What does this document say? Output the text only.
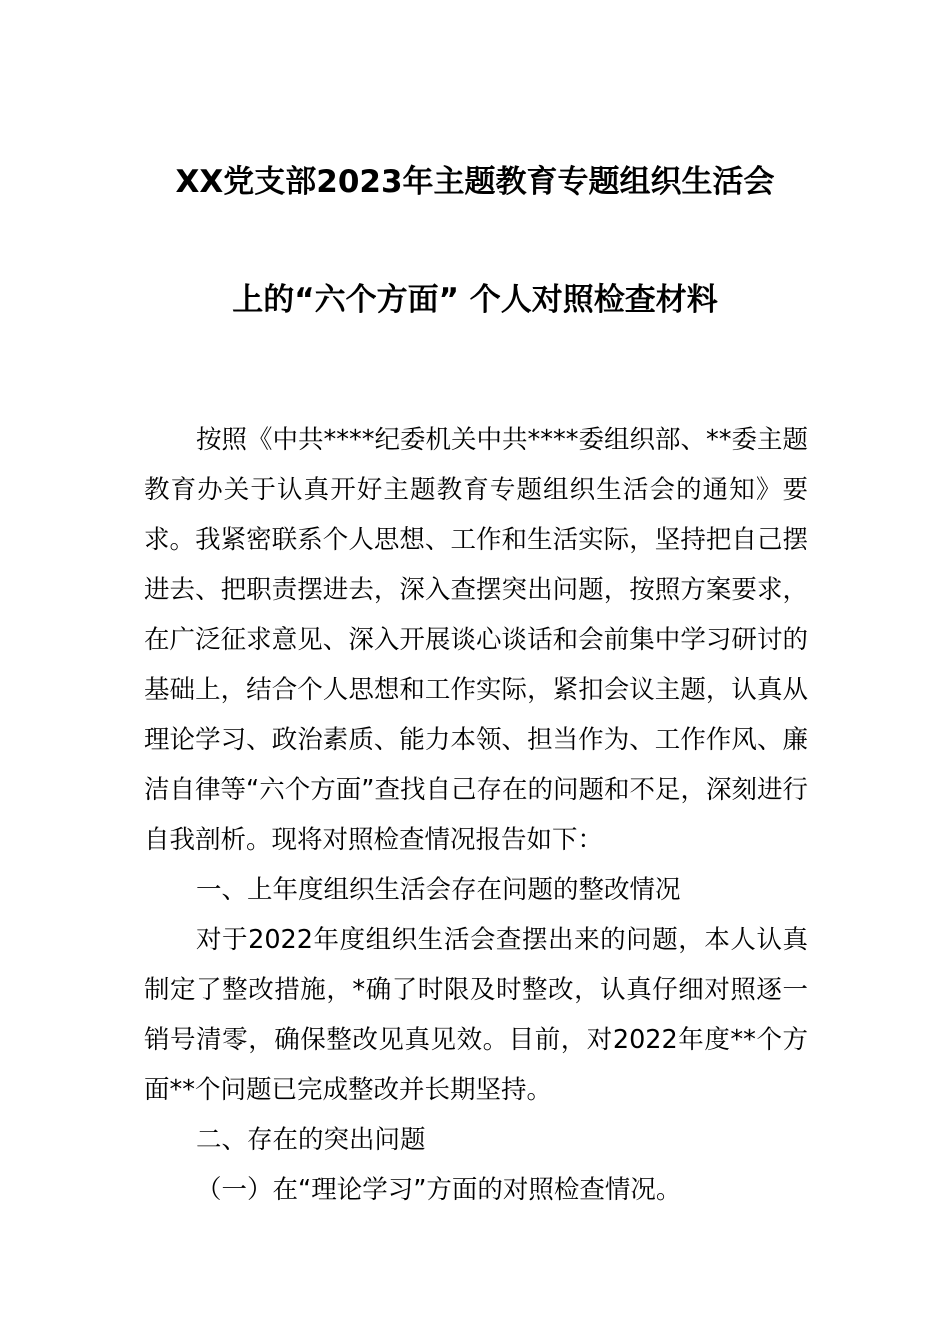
XX党支部2023年主题教育专题组织生活会
上的“六个方面” 个人对照检查材料

按照《中共****纪委机关中共****委组织部、**委主题教育办关于认真开好主题教育专题组织生活会的通知》要求。我紧密联系个人思想、工作和生活实际，坚持把自己摆进去、把职责摆进去，深入查摆突出问题，按照方案要求，在广泛征求意见、深入开展谈心谈话和会前集中学习研讨的基础上，结合个人思想和工作实际，紧扣会议主题，认真从理论学习、政治素质、能力本领、担当作为、工作作风、廉洁自律等“六个方面”查找自己存在的问题和不足，深刻进行自我剖析。现将对照检查情况报告如下：

一、上年度组织生活会存在问题的整改情况

对于2022年度组织生活会查摆出来的问题，本人认真制定了整改措施，*确了时限及时整改，认真仔细对照逐一销号清零，确保整改见真见效。目前，对2022年度**个方面**个问题已完成整改并长期坚持。

二、存在的突出问题

（一）在“理论学习”方面的对照检查情况。
